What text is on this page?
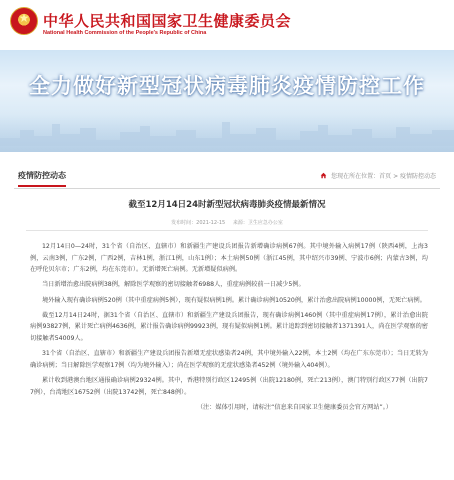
★
中华人民共和国国家卫生健康委员会
National Health Commission of the People's Republic of China
全力做好新型冠状病毒肺炎疫情防控工作
疫情防控动态	您现在所在位置：首页 > 疫情防控动态
截至12月14日24时新型冠状病毒肺炎疫情最新情况
发布时间：2021-12-15 来源：卫生应急办公室

12月14日0—24时，31个省（自治区、直辖市）和新疆生产建设兵团报告新增确诊病例67例。其中境外输入病例17例（陕西4例，上海3例，云南3例，广东2例，广西2例，吉林1例，浙江1例，山东1例）；本土病例50例（浙江45例，其中绍兴市39例、宁波市6例；内蒙古3例，均在呼伦贝尔市；广东2例，均在东莞市）。无新增死亡病例。无新增疑似病例。

当日新增治愈出院病例38例，解除医学观察的密切接触者6988人，重症病例较前一日减少5例。

境外输入现有确诊病例520例（其中重症病例5例），现有疑似病例1例。累计确诊病例10520例，累计治愈出院病例10000例，无死亡病例。

截至12月14日24时，据31个省（自治区、直辖市）和新疆生产建设兵团报告，现有确诊病例1460例（其中重症病例17例），累计治愈出院病例93827例，累计死亡病例4636例，累计报告确诊病例99923例，现有疑似病例1例。累计追踪到密切接触者1371391人，尚在医学观察的密切接触者54009人。

31个省（自治区、直辖市）和新疆生产建设兵团报告新增无症状感染者24例，其中境外输入22例，本土2例（均在广东东莞市）；当日无转为确诊病例；当日解除医学观察17例（均为境外输入）；尚在医学观察的无症状感染者452例（境外输入404例）。

累计收到港澳台地区通报确诊病例29324例。其中，香港特别行政区12495例（出院12180例，死亡213例），澳门特别行政区77例（出院77例），台湾地区16752例（出院13742例，死亡848例）。

（注：媒体引用时，请标注“信息来自国家卫生健康委员会官方网站”。）
